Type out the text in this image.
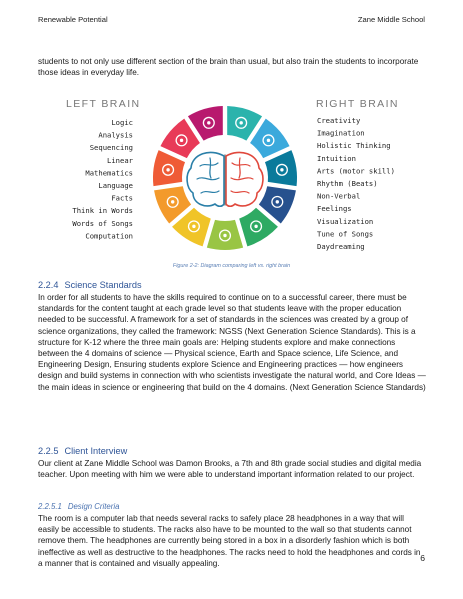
Renewable Potential	Zane Middle School
students to not only use different section of the brain than usual, but also train the students to incorporate those ideas in everyday life.
LEFT BRAIN	RIGHT BRAIN
Logic
Analysis
Sequencing
Linear
Mathematics
Language
Facts
Think in Words
Words of Songs
Computation
Creativity
Imagination
Holistic Thinking
Intuition
Arts (motor skill)
Rhythm (Beats)
Non-Verbal
Feelings
Visualization
Tune of Songs
Daydreaming
Figure 2-2: Diagram comparing left vs. right brain
2.2.4 Science Standards
In order for all students to have the skills required to continue on to a successful career, there must be standards for the content taught at each grade level so that students leave with the proper education needed to be successful. A framework for a set of standards in the sciences was created by a group of science organizations, they called the framework: NGSS (Next Generation Science Standards). This is a structure for K-12 where the three main goals are: Helping students explore and make connections between the 4 domains of science — Physical science, Earth and Space science, Life Science, and Engineering Design, Ensuring students explore Science and Engineering practices — how engineers design and build systems in connection with who scientists investigate the natural world, and Core Ideas — the main ideas in science or engineering that build on the 4 domains. (Next Generation Science Standards)
2.2.5 Client Interview
Our client at Zane Middle School was Damon Brooks, a 7th and 8th grade social studies and digital media teacher. Upon meeting with him we were able to understand important information related to our project.
2.2.5.1 Design Criteria
The room is a computer lab that needs several racks to safely place 28 headphones in a way that will easily be accessible to students. The racks also have to be mounted to the wall so that students cannot remove them. The headphones are currently being stored in a box in a disorderly fashion which is both ineffective as well as destructive to the headphones. The racks need to hold the headphones and cords in a manner that is contained and visually appealing.
6
